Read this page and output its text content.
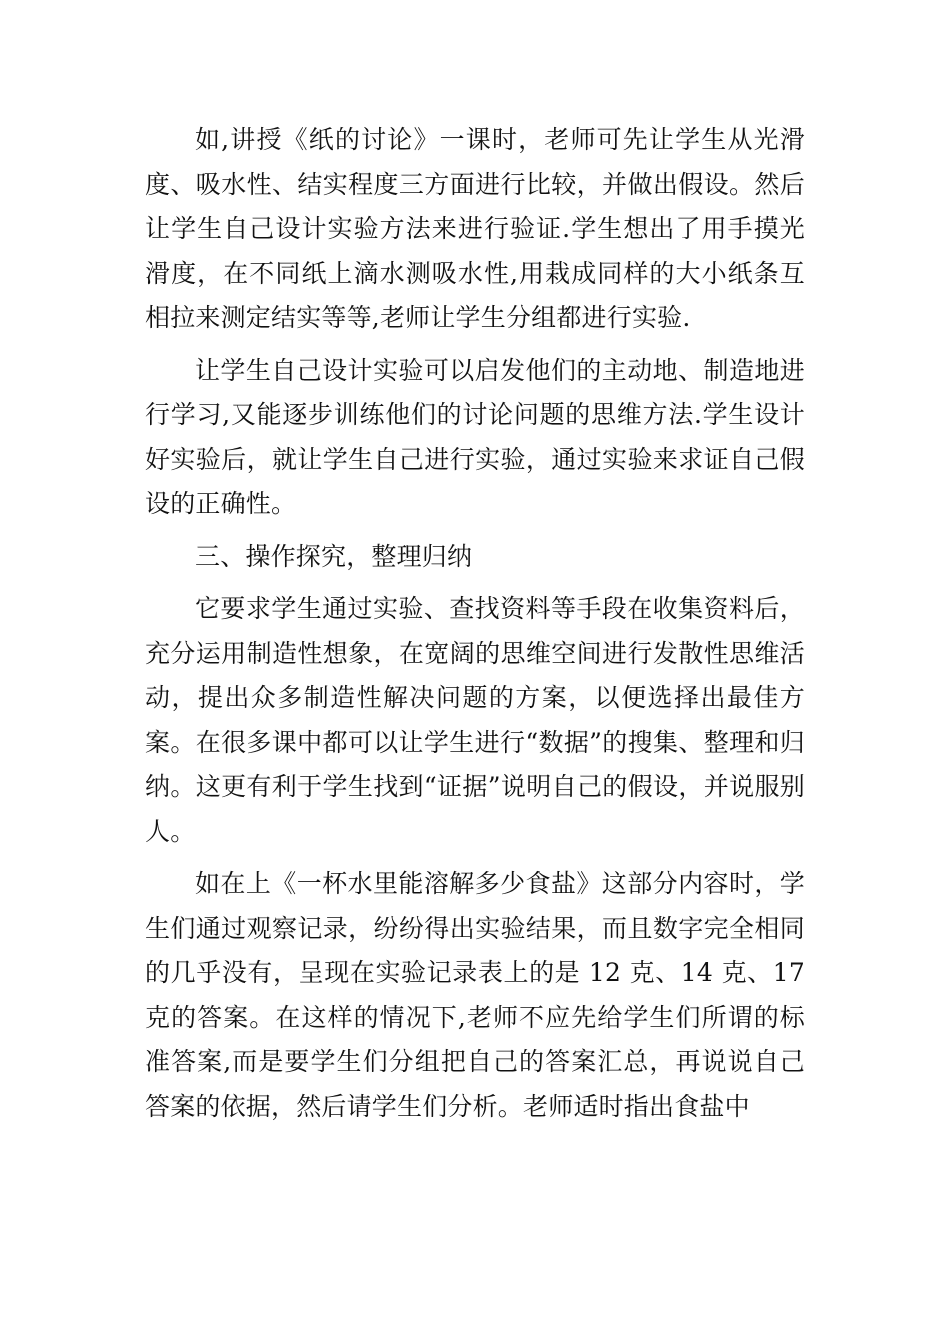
如,讲授《纸的讨论》一课时，老师可先让学生从光滑度、吸水性、结实程度三方面进行比较，并做出假设。然后让学生自己设计实验方法来进行验证.学生想出了用手摸光滑度，在不同纸上滴水测吸水性,用栽成同样的大小纸条互相拉来测定结实等等,老师让学生分组都进行实验.

让学生自己设计实验可以启发他们的主动地、制造地进行学习,又能逐步训练他们的讨论问题的思维方法.学生设计好实验后，就让学生自己进行实验，通过实验来求证自己假设的正确性。

三、操作探究，整理归纳

它要求学生通过实验、查找资料等手段在收集资料后，充分运用制造性想象，在宽阔的思维空间进行发散性思维活动，提出众多制造性解决问题的方案，以便选择出最佳方案。在很多课中都可以让学生进行“数据”的搜集、整理和归纳。这更有利于学生找到“证据”说明自己的假设，并说服别人。

如在上《一杯水里能溶解多少食盐》这部分内容时，学生们通过观察记录，纷纷得出实验结果，而且数字完全相同的几乎没有，呈现在实验记录表上的是 12 克、14 克、17 克的答案。在这样的情况下,老师不应先给学生们所谓的标准答案,而是要学生们分组把自己的答案汇总，再说说自己答案的依据，然后请学生们分析。老师适时指出食盐中
